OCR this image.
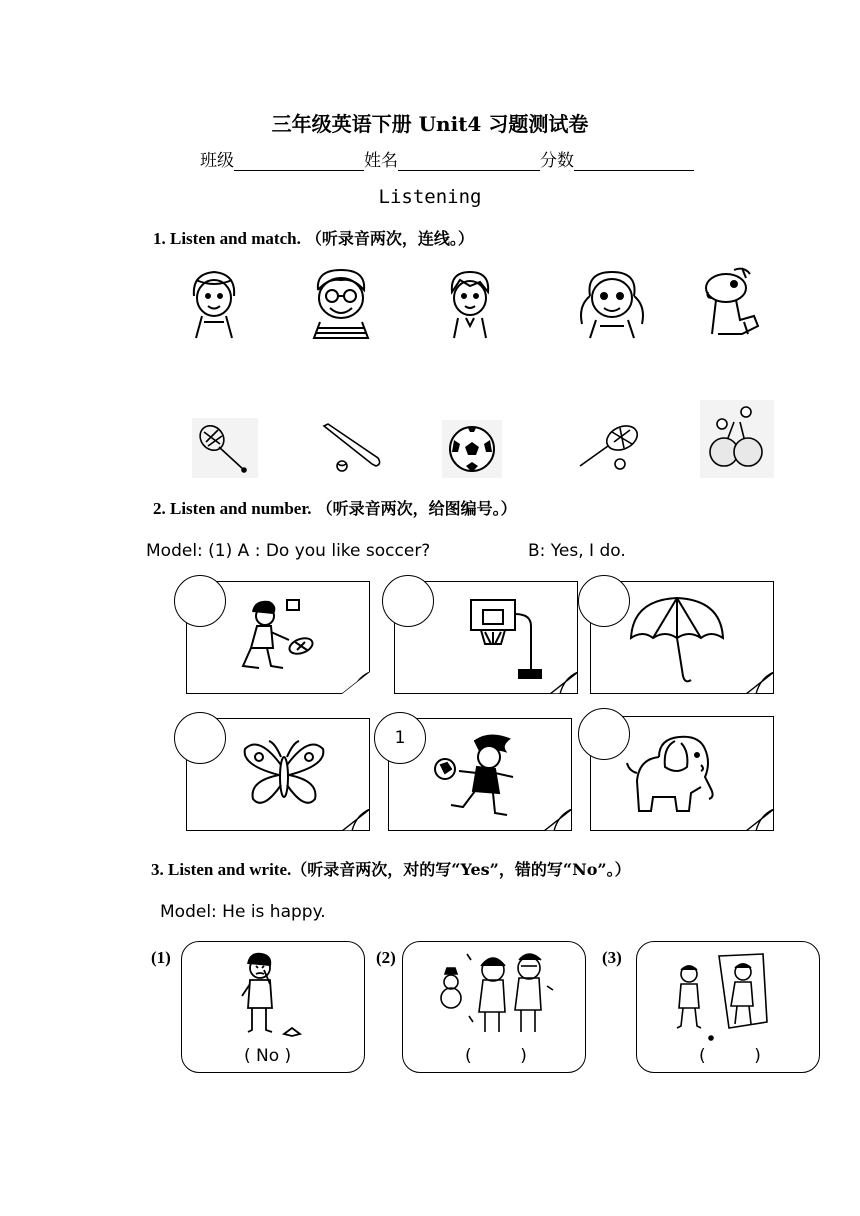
三年级英语下册 Unit4 习题测试卷
班级	姓名	分数
Listening
1. Listen and match. （听录音两次，连线。）
2. Listen and number. （听录音两次，给图编号。）
Model: (1) A : Do you like soccer?	B: Yes, I do.
1
3. Listen and write.（听录音两次，对的写“Yes”，错的写“No”。）
Model: He is happy.
(1)	(2)	(3)
( No )	(         )	(         )
